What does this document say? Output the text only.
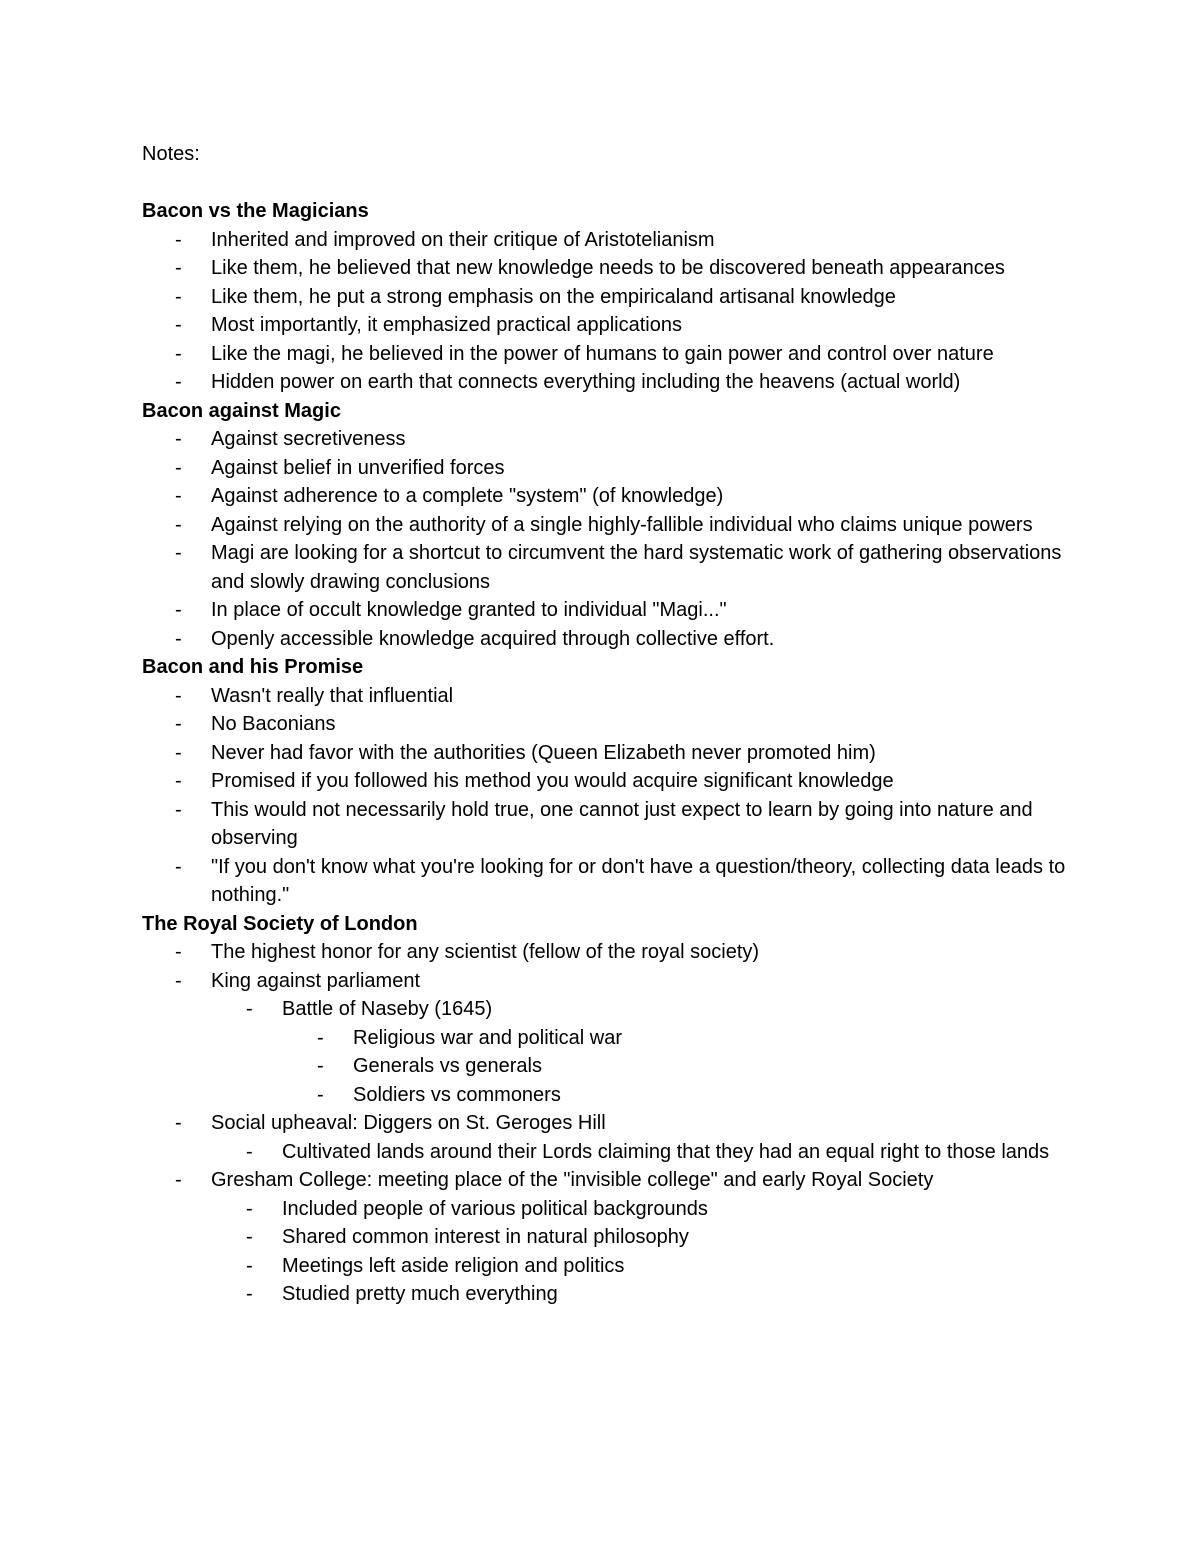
Notes:
Bacon vs the Magicians
- Inherited and improved on their critique of Aristotelianism
- Like them, he believed that new knowledge needs to be discovered beneath appearances
- Like them, he put a strong emphasis on the empiricaland artisanal knowledge
- Most importantly, it emphasized practical applications
- Like the magi, he believed in the power of humans to gain power and control over nature
- Hidden power on earth that connects everything including the heavens (actual world)
Bacon against Magic
- Against secretiveness
- Against belief in unverified forces
- Against adherence to a complete "system" (of knowledge)
- Against relying on the authority of a single highly-fallible individual who claims unique powers
- Magi are looking for a shortcut to circumvent the hard systematic work of gathering observations and slowly drawing conclusions
- In place of occult knowledge granted to individual "Magi..."
- Openly accessible knowledge acquired through collective effort.
Bacon and his Promise
- Wasn't really that influential
- No Baconians
- Never had favor with the authorities (Queen Elizabeth never promoted him)
- Promised if you followed his method you would acquire significant knowledge
- This would not necessarily hold true, one cannot just expect to learn by going into nature and observing
- "If you don't know what you're looking for or don't have a question/theory, collecting data leads to nothing."
The Royal Society of London
- The highest honor for any scientist (fellow of the royal society)
- King against parliament
- Battle of Naseby (1645)
- Religious war and political war
- Generals vs generals
- Soldiers vs commoners
- Social upheaval: Diggers on St. Geroges Hill
- Cultivated lands around their Lords claiming that they had an equal right to those lands
- Gresham College: meeting place of the "invisible college" and early Royal Society
- Included people of various political backgrounds
- Shared common interest in natural philosophy
- Meetings left aside religion and politics
- Studied pretty much everything
